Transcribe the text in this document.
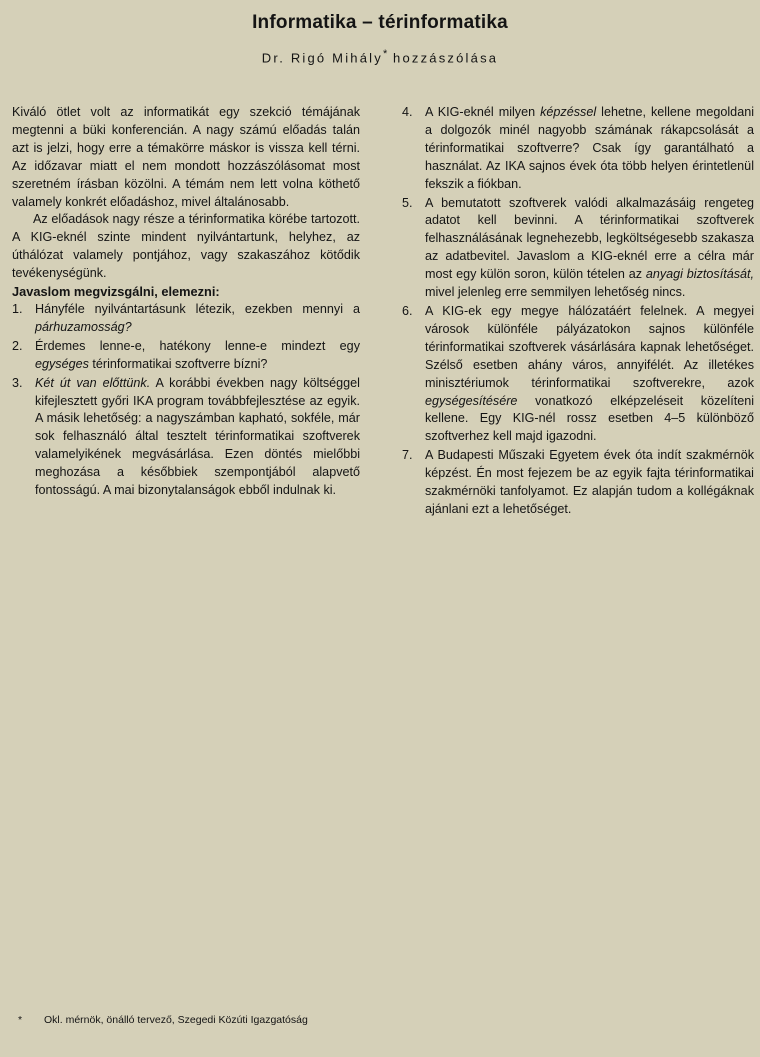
Informatika – térinformatika
Dr. Rigó Mihály* hozzászólása

Kiváló ötlet volt az informatikát egy szekció témájának megtenni a büki konferencián. A nagy számú előadás talán azt is jelzi, hogy erre a témakörre máskor is vissza kell térni. Az időzavar miatt el nem mondott hozzászólásomat most szeretném írásban közölni. A témám nem lett volna köthető valamely konkrét előadáshoz, mivel általánosabb.

Az előadások nagy része a térinformatika körébe tartozott. A KIG-eknél szinte mindent nyilvántartunk, helyhez, az úthálózat valamely pontjához, vagy szakaszához kötődik tevékenységünk.

Javaslom megvizsgálni, elemezni:

1. Hányféle nyilvántartásunk létezik, ezekben mennyi a párhuzamosság?
2. Érdemes lenne-e, hatékony lenne-e mindezt egy egységes térinformatikai szoftverre bízni?
3. Két út van előttünk. A korábbi években nagy költséggel kifejlesztett győri IKA program továbbfejlesztése az egyik. A másik lehetőség: a nagyszámban kapható, sokféle, már sok felhasználó által tesztelt térinformatikai szoftverek valamelyikének megvásárlása. Ezen döntés mielőbbi meghozása a későbbiek szempontjából alapvető fontosságú. A mai bizonytalanságok ebből indulnak ki.
4. A KIG-eknél milyen képzéssel lehetne, kellene megoldani a dolgozók minél nagyobb számának rákapcsolását a térinformatikai szoftverre? Csak így garantálható a használat. Az IKA sajnos évek óta több helyen érintetlenül fekszik a fiókban.
5. A bemutatott szoftverek valódi alkalmazásáig rengeteg adatot kell bevinni. A térinformatikai szoftverek felhasználásának legnehezebb, legköltségesebb szakasza az adatbevitel. Javaslom a KIG-eknél erre a célra már most egy külön soron, külön tételen az anyagi biztosítását, mivel jelenleg erre semmilyen lehetőség nincs.
6. A KIG-ek egy megye hálózatáért felelnek. A megyei városok különféle pályázatokon sajnos különféle térinformatikai szoftverek vásárlására kapnak lehetőséget. Szélső esetben ahány város, annyifélét. Az illetékes minisztériumok térinformatikai szoftverekre, azok egységesítésére vonatkozó elképzeléseit közelíteni kellene. Egy KIG-nél rossz esetben 4–5 különböző szoftverhez kell majd igazodni.
7. A Budapesti Műszaki Egyetem évek óta indít szakmérnök képzést. Én most fejezem be az egyik fajta térinformatikai szakmérnöki tanfolyamot. Ez alapján tudom a kollégáknak ajánlani ezt a lehetőséget.
* Okl. mérnök, önálló tervező, Szegedi Közúti Igazgatóság
